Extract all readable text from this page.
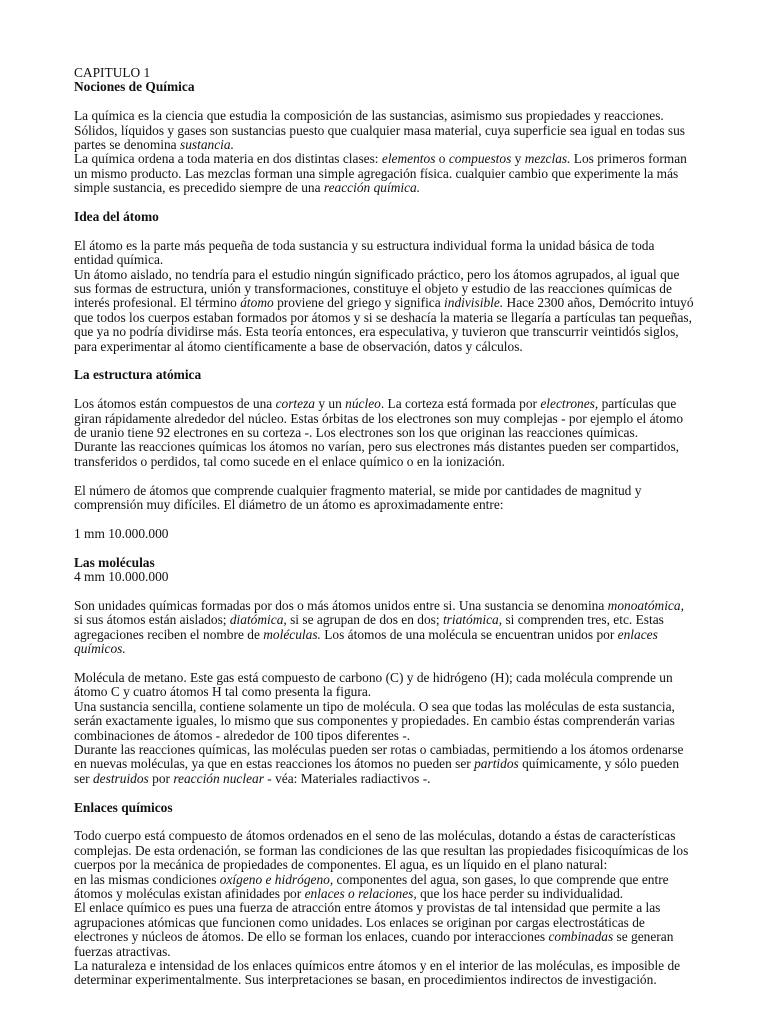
CAPITULO 1

Nociones de Química

La química es la ciencia que estudia la composición de las sustancias, asimismo sus propiedades y reacciones. Sólidos, líquidos y gases son sustancias puesto que cualquier masa material, cuya superficie sea igual en todas sus partes se denomina sustancia.

La química ordena a toda materia en dos distintas clases: elementos o compuestos y mezclas. Los primeros forman un mismo producto. Las mezclas forman una simple agregación física. cualquier cambio que experimente la más simple sustancia, es precedido siempre de una reacción química.

Idea del átomo

El átomo es la parte más pequeña de toda sustancia y su estructura individual forma la unidad básica de toda entidad química.

Un átomo aislado, no tendría para el estudio ningún significado práctico, pero los átomos agrupados, al igual que sus formas de estructura, unión y transformaciones, constituye el objeto y estudio de las reacciones químicas de interés profesional. El término átomo proviene del griego y significa indivisible. Hace 2300 años, Demócrito intuyó que todos los cuerpos estaban formados por átomos y si se deshacía la materia se llegaría a partículas tan pequeñas, que ya no podría dividirse más. Esta teoría entonces, era especulativa, y tuvieron que transcurrir veintidós siglos, para experimentar al átomo científicamente a base de observación, datos y cálculos.

La estructura atómica

Los átomos están compuestos de una corteza y un núcleo. La corteza está formada por electrones, partículas que giran rápidamente alrededor del núcleo. Estas órbitas de los electrones son muy complejas - por ejemplo el átomo de uranio tiene 92 electrones en su corteza -. Los electrones son los que originan las reacciones químicas.

Durante las reacciones químicas los átomos no varían, pero sus electrones más distantes pueden ser compartidos, transferidos o perdidos, tal como sucede en el enlace químico o en la ionización.

El número de átomos que comprende cualquier fragmento material, se mide por cantidades de magnitud y comprensión muy difíciles. El diámetro de un átomo es aproximadamente entre:

1 mm 10.000.000

Las moléculas

4 mm 10.000.000

Son unidades químicas formadas por dos o más átomos unidos entre si. Una sustancia se denomina monoatómica, si sus átomos están aislados; diatómica, si se agrupan de dos en dos; triatómica, si comprenden tres, etc. Estas agregaciones reciben el nombre de moléculas. Los átomos de una molécula se encuentran unidos por enlaces químicos.

Molécula de metano. Este gas está compuesto de carbono (C) y de hidrógeno (H); cada molécula comprende un átomo C y cuatro átomos H tal como presenta la figura.

Una sustancia sencilla, contiene solamente un tipo de molécula. O sea que todas las moléculas de esta sustancia, serán exactamente iguales, lo mismo que sus componentes y propiedades. En cambio éstas comprenderán varias combinaciones de átomos - alrededor de 100 tipos diferentes -.

Durante las reacciones químicas, las moléculas pueden ser rotas o cambiadas, permitiendo a los átomos ordenarse en nuevas moléculas, ya que en estas reacciones los átomos no pueden ser partidos químicamente, y sólo pueden ser destruidos por reacción nuclear - véa: Materiales radiactivos -.

Enlaces químicos

Todo cuerpo está compuesto de átomos ordenados en el seno de las moléculas, dotando a éstas de características complejas. De esta ordenación, se forman las condiciones de las que resultan las propiedades fisicoquímicas de los cuerpos por la mecánica de propiedades de componentes. El agua, es un líquido en el plano natural:

en las mismas condiciones oxígeno e hidrógeno, componentes del agua, son gases, lo que comprende que entre átomos y moléculas existan afinidades por enlaces o relaciones, que los hace perder su individualidad.

El enlace químico es pues una fuerza de atracción entre átomos y provistas de tal intensidad que permite a las agrupaciones atómicas que funcionen como unidades. Los enlaces se originan por cargas electrostáticas de electrones y núcleos de átomos. De ello se forman los enlaces, cuando por interacciones combinadas se generan fuerzas atractivas.

La naturaleza e intensidad de los enlaces químicos entre átomos y en el interior de las moléculas, es imposible de determinar experimentalmente. Sus interpretaciones se basan, en procedimientos indirectos de investigación.
